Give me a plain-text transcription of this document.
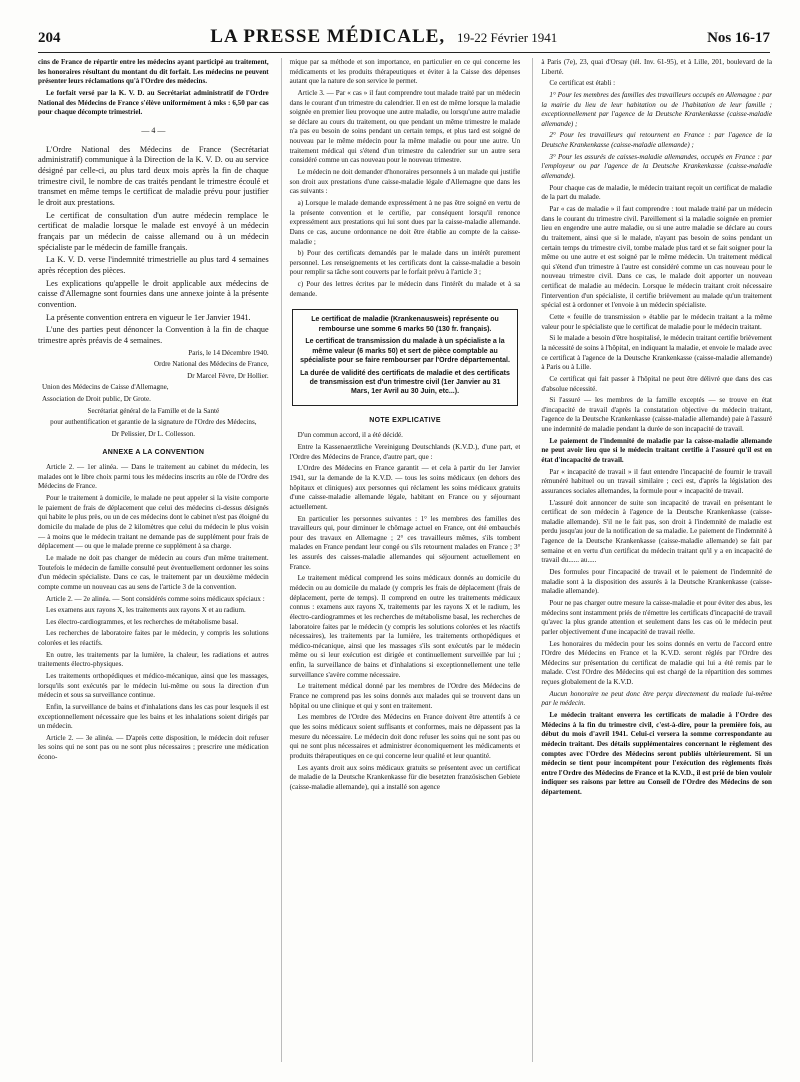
204	LA PRESSE MÉDICALE, 19-22 Février 1941	Nos 16-17

cins de France de répartir entre les médecins ayant participé au traitement, les honoraires résultant du montant du dit forfait. Les médecins ne peuvent présenter leurs réclamations qu'à l'Ordre des médecins.

Le forfait versé par la K. V. D. au Secrétariat administratif de l'Ordre National des Médecins de France s'élève uniformément à mks : 6,50 par cas pour chaque décompte trimestriel.

— 4 —

L'Ordre National des Médecins de France (Secrétariat administratif) communique à la Direction de la K. V. D. ou au service désigné par celle-ci, au plus tard deux mois après la fin de chaque trimestre civil, le nombre de cas traités pendant le trimestre écoulé et transmet en même temps le certificat de maladie prévu pour justifier le droit aux prestations.

Le certificat de consultation d'un autre médecin remplace le certificat de maladie lorsque le malade est envoyé à un médecin français par un médecin de caisse allemand ou à un médecin spécialiste par le médecin de famille français.

La K. V. D. verse l'indemnité trimestrielle au plus tard 4 semaines après réception des pièces.

Les explications qu'appelle le droit applicable aux médecins de caisse d'Allemagne sont fournies dans une annexe jointe à la présente convention.

La présente convention entrera en vigueur le 1er Janvier 1941.

L'une des parties peut dénoncer la Convention à la fin de chaque trimestre après préavis de 4 semaines.

Paris, le 14 Décembre 1940.

Ordre National des Médecins de France,

Dr Marcel Fèvre, Dr Hollier.

Union des Médecins de Caisse d'Allemagne,

Association de Droit public, Dr Grote.

Secrétariat général de la Famille et de la Santé

pour authentification et garantie de la signature de l'Ordre des Médecins,

Dr Pelissier, Dr L. Collesson.

ANNEXE A LA CONVENTION

Article 2. — 1er alinéa. — Dans le traitement au cabinet du médecin, les malades ont le libre choix parmi tous les médecins inscrits au rôle de l'Ordre des Médecins de France.

Pour le traitement à domicile, le malade ne peut appeler si la visite comporte le paiement de frais de déplacement que celui des médecins ci-dessus désignés qui habite le plus près, ou un de ces médecins dont le cabinet n'est pas éloigné du domicile du malade de plus de 2 kilomètres que celui du médecin le plus voisin — à moins que le médecin traitant ne demande pas de supplément pour frais de déplacement — ou que le malade prenne ce supplément à sa charge.

Le malade ne doit pas changer de médecin au cours d'un même traitement. Toutefois le médecin de famille consulté peut éventuellement ordonner les soins d'un médecin spécialiste. Dans ce cas, le traitement par un deuxième médecin compte comme un nouveau cas au sens de l'article 3 de la convention.

Article 2. — 2e alinéa. — Sont considérés comme soins médicaux spéciaux :

Les examens aux rayons X, les traitements aux rayons X et au radium.

Les électro-cardiogrammes, et les recherches de métabolisme basal.

Les recherches de laboratoire faites par le médecin, y compris les solutions colorées et les réactifs.

En outre, les traitements par la lumière, la chaleur, les radiations et autres traitements électro-physiques.

Les traitements orthopédiques et médico-mécanique, ainsi que les massages, lorsqu'ils sont exécutés par le médecin lui-même ou sous la direction d'un médecin et sous sa surveillance continue.

Enfin, la surveillance de bains et d'inhalations dans les cas pour lesquels il est exceptionnellement nécessaire que les bains et les inhalations soient dirigés par un médecin.

Article 2. — 3e alinéa. — D'après cette disposition, le médecin doit refuser les soins qui ne sont pas ou ne sont plus nécessaires ; prescrire une médication écono-

mique par sa méthode et son importance, en particulier en ce qui concerne les médicaments et les produits thérapeutiques et éviter à la Caisse des dépenses autant que la nature de son service le permet.

Article 3. — Par « cas » il faut comprendre tout malade traité par un médecin dans le courant d'un trimestre du calendrier. Il en est de même lorsque la maladie soignée en premier lieu provoque une autre maladie, ou lorsqu'une autre maladie se déclare au cours du traitement, ou que pendant un même trimestre le malade n'a pas eu besoin de soins pendant un certain temps, et plus tard est soigné de nouveau par le même médecin pour la même maladie ou pour une autre. Un traitement médical qui s'étend d'un trimestre du calendrier sur un autre sera considéré comme un cas nouveau pour le nouveau trimestre.

Le médecin ne doit demander d'honoraires personnels à un malade qui justifie son droit aux prestations d'une caisse-maladie légale d'Allemagne que dans les cas suivants :

a) Lorsque le malade demande expressément à ne pas être soigné en vertu de la présente convention et le certifie, par conséquent lorsqu'il renonce expressément aux prestations qui lui sont dues par la caisse-maladie allemande. Dans ce cas, aucune ordonnance ne doit être établie au compte de la caisse-maladie ;

b) Pour des certificats demandés par le malade dans un intérêt purement personnel. Les renseignements et les certificats dont la caisse-maladie a besoin pour remplir sa tâche sont couverts par le forfait prévu à l'article 3 ;

c) Pour des lettres écrites par le médecin dans l'intérêt du malade et à sa demande.

Le certificat de maladie (Krankenausweis) représente ou rembourse une somme 6 marks 50 (130 fr. français).

Le certificat de transmission du malade à un spécialiste a la même valeur (6 marks 50) et sert de pièce comptable au spécialiste pour se faire rembourser par l'Ordre départemental.

La durée de validité des certificats de maladie et des certificats de transmission est d'un trimestre civil (1er Janvier au 31 Mars, 1er Avril au 30 Juin, etc...).

NOTE EXPLICATIVE

D'un commun accord, il a été décidé.

Entre la Kassenaerztliche Vereinigung Deutschlands (K.V.D.), d'une part, et l'Ordre des Médecins de France, d'autre part, que :

L'Ordre des Médecins en France garantit — et cela à partir du 1er Janvier 1941, sur la demande de la K.V.D. — tous les soins médicaux (en dehors des hôpitaux et cliniques) aux personnes qui réclament les soins médicaux gratuits d'une caisse-maladie allemande légale, habitant en France ou y séjournant actuellement.

En particulier les personnes suivantes : 1° les membres des familles des travailleurs qui, pour diminuer le chômage actuel en France, ont été embauchés pour des travaux en Allemagne ; 2° ces travailleurs mêmes, s'ils tombent malades en France pendant leur congé ou s'ils retournent malades en France ; 3° les assurés des caisses-maladie allemandes qui séjournent actuellement en France.

Le traitement médical comprend les soins médicaux donnés au domicile du médecin ou au domicile du malade (y compris les frais de déplacement (frais de déplacement, perte de temps). Il comprend en outre les traitements médicaux connus : examens aux rayons X, traitements par les rayons X et le radium, les électro-cardiogrammes et les recherches de métabolisme basal, les recherches de laboratoire faites par le médecin (y compris les solutions colorées et les réactifs nécessaires), les traitements par la lumière, les traitements orthopédiques et médico-mécanique, ainsi que les massages s'ils sont exécutés par le médecin même ou si leur exécution est dirigée et continuellement surveillée par lui ; enfin, la surveillance de bains et d'inhalations si exceptionnellement une telle surveillance s'avère comme nécessaire.

Le traitement médical donné par les membres de l'Ordre des Médecins de France ne comprend pas les soins donnés aux malades qui se trouvent dans un hôpital ou une clinique et qui y sont en traitement.

Les membres de l'Ordre des Médecins en France doivent être attentifs à ce que les soins médicaux soient suffisants et conformes, mais ne dépassent pas la mesure du nécessaire. Le médecin doit donc refuser les soins qui ne sont pas ou qui ne sont plus nécessaires et administrer économiquement les médicaments et produits thérapeutiques en ce qui concerne leur qualité et leur quantité.

Les ayants droit aux soins médicaux gratuits se présentent avec un certificat de maladie de la Deutsche Krankenkasse für die besetzten französischen Gebiete (caisse-maladie allemande), qui a installé son agence

à Paris (7e), 23, quai d'Orsay (tél. Inv. 61-95), et à Lille, 201, boulevard de la Liberté.

Ce certificat est établi :

1° Pour les membres des familles des travailleurs occupés en Allemagne : par la mairie du lieu de leur habitation ou de l'habitation de leur famille ; exceptionnellement par l'agence de la Deutsche Krankenkasse (caisse-maladie allemande) ;

2° Pour les travailleurs qui retournent en France : par l'agence de la Deutsche Krankenkasse (caisse-maladie allemande) ;

3° Pour les assurés de caisses-maladie allemandes, occupés en France : par l'employeur ou par l'agence de la Deutsche Krankenkasse (caisse-maladie allemande).

Pour chaque cas de maladie, le médecin traitant reçoit un certificat de maladie de la part du malade.

Par « cas de maladie » il faut comprendre : tout malade traité par un médecin dans le courant du trimestre civil. Pareillement si la maladie soignée en premier lieu en engendre une autre maladie, ou si une autre maladie se déclare au cours du traitement, ainsi que si le malade, n'ayant pas besoin de soins pendant un certain temps du trimestre civil, tombe malade plus tard et se fait soigner pour la même ou une autre et est soigné par le même médecin. Un traitement médical qui s'étend d'un trimestre à l'autre est considéré comme un cas nouveau pour le nouveau trimestre civil. Dans ce cas, le malade doit apporter un nouveau certificat de maladie au médecin. Lorsque le médecin traitant croit nécessaire l'intervention d'un spécialiste, il certifie brièvement au malade qu'un traitement spécial est à ordonner et l'envoie à un médecin spécialiste.

Cette « feuille de transmission » établie par le médecin traitant a la même valeur pour le spécialiste que le certificat de maladie pour le médecin traitant.

Si le malade a besoin d'être hospitalisé, le médecin traitant certifie brièvement la nécessité de soins à l'hôpital, en indiquant la maladie, et envoie le malade avec ce certificat à l'agence de la Deutsche Krankenkasse (caisse-maladie allemande) à Paris ou à Lille.

Ce certificat qui fait passer à l'hôpital ne peut être délivré que dans des cas d'absolue nécessité.

Si l'assuré — les membres de la famille exceptés — se trouve en état d'incapacité de travail d'après la constatation objective du médecin traitant, l'agence de la Deutsche Krankenkasse (caisse-maladie allemande) paie à l'assuré une indemnité de maladie pendant la durée de son incapacité de travail.

Le paiement de l'indemnité de maladie par la caisse-maladie allemande ne peut avoir lieu que si le médecin traitant certifie à l'assuré qu'il est en état d'incapacité de travail.

Par « incapacité de travail » il faut entendre l'incapacité de fournir le travail rémunéré habituel ou un travail similaire ; ceci est, d'après la législation des assurances sociales allemandes, la formule pour « incapacité de travail.

L'assuré doit annoncer de suite son incapacité de travail en présentant le certificat de son médecin à l'agence de la Deutsche Krankenkasse (caisse-maladie allemande). S'il ne le fait pas, son droit à l'indemnité de maladie est perdu jusqu'au jour de la notification de sa maladie. Le paiement de l'indemnité à l'agence de la Deutsche Krankenkasse (caisse-maladie allemande) se fait par semaine et en vertu d'un certificat du médecin traitant qu'il y a en incapacité de travail du...... au.....

Des formules pour l'incapacité de travail et le paiement de l'indemnité de maladie sont à la disposition des assurés à la Deutsche Krankenkasse (caisse-maladie allemande).

Pour ne pas charger outre mesure la caisse-maladie et pour éviter des abus, les médecins sont instamment priés de n'émettre les certificats d'incapacité de travail qu'avec la plus grande attention et seulement dans les cas où le médecin peut parler objectivement d'une incapacité de travail réelle.

Les honoraires du médecin pour les soins donnés en vertu de l'accord entre l'Ordre des Médecins en France et la K.V.D. seront réglés par l'Ordre des Médecins sur présentation du certificat de maladie qui lui a été remis par le malade. C'est l'Ordre des Médecins qui est chargé de la répartition des sommes reçues globalement de la K.V.D.

Aucun honoraire ne peut donc être perçu directement du malade lui-même par le médecin.

Le médecin traitant enverra les certificats de maladie à l'Ordre des Médecins à la fin du trimestre civil, c'est-à-dire, pour la première fois, au début du mois d'avril 1941. Celui-ci versera la somme correspondante au médecin traitant. Des détails supplémentaires concernant le règlement des comptes avec l'Ordre des Médecins seront publiés ultérieurement. Si un médecin se tient pour incompétent pour l'exécution des règlements fixés entre l'Ordre des Médecins de France et la K.V.D., il est prié de bien vouloir indiquer ses raisons par lettre au Conseil de l'Ordre des Médecins de son département.
